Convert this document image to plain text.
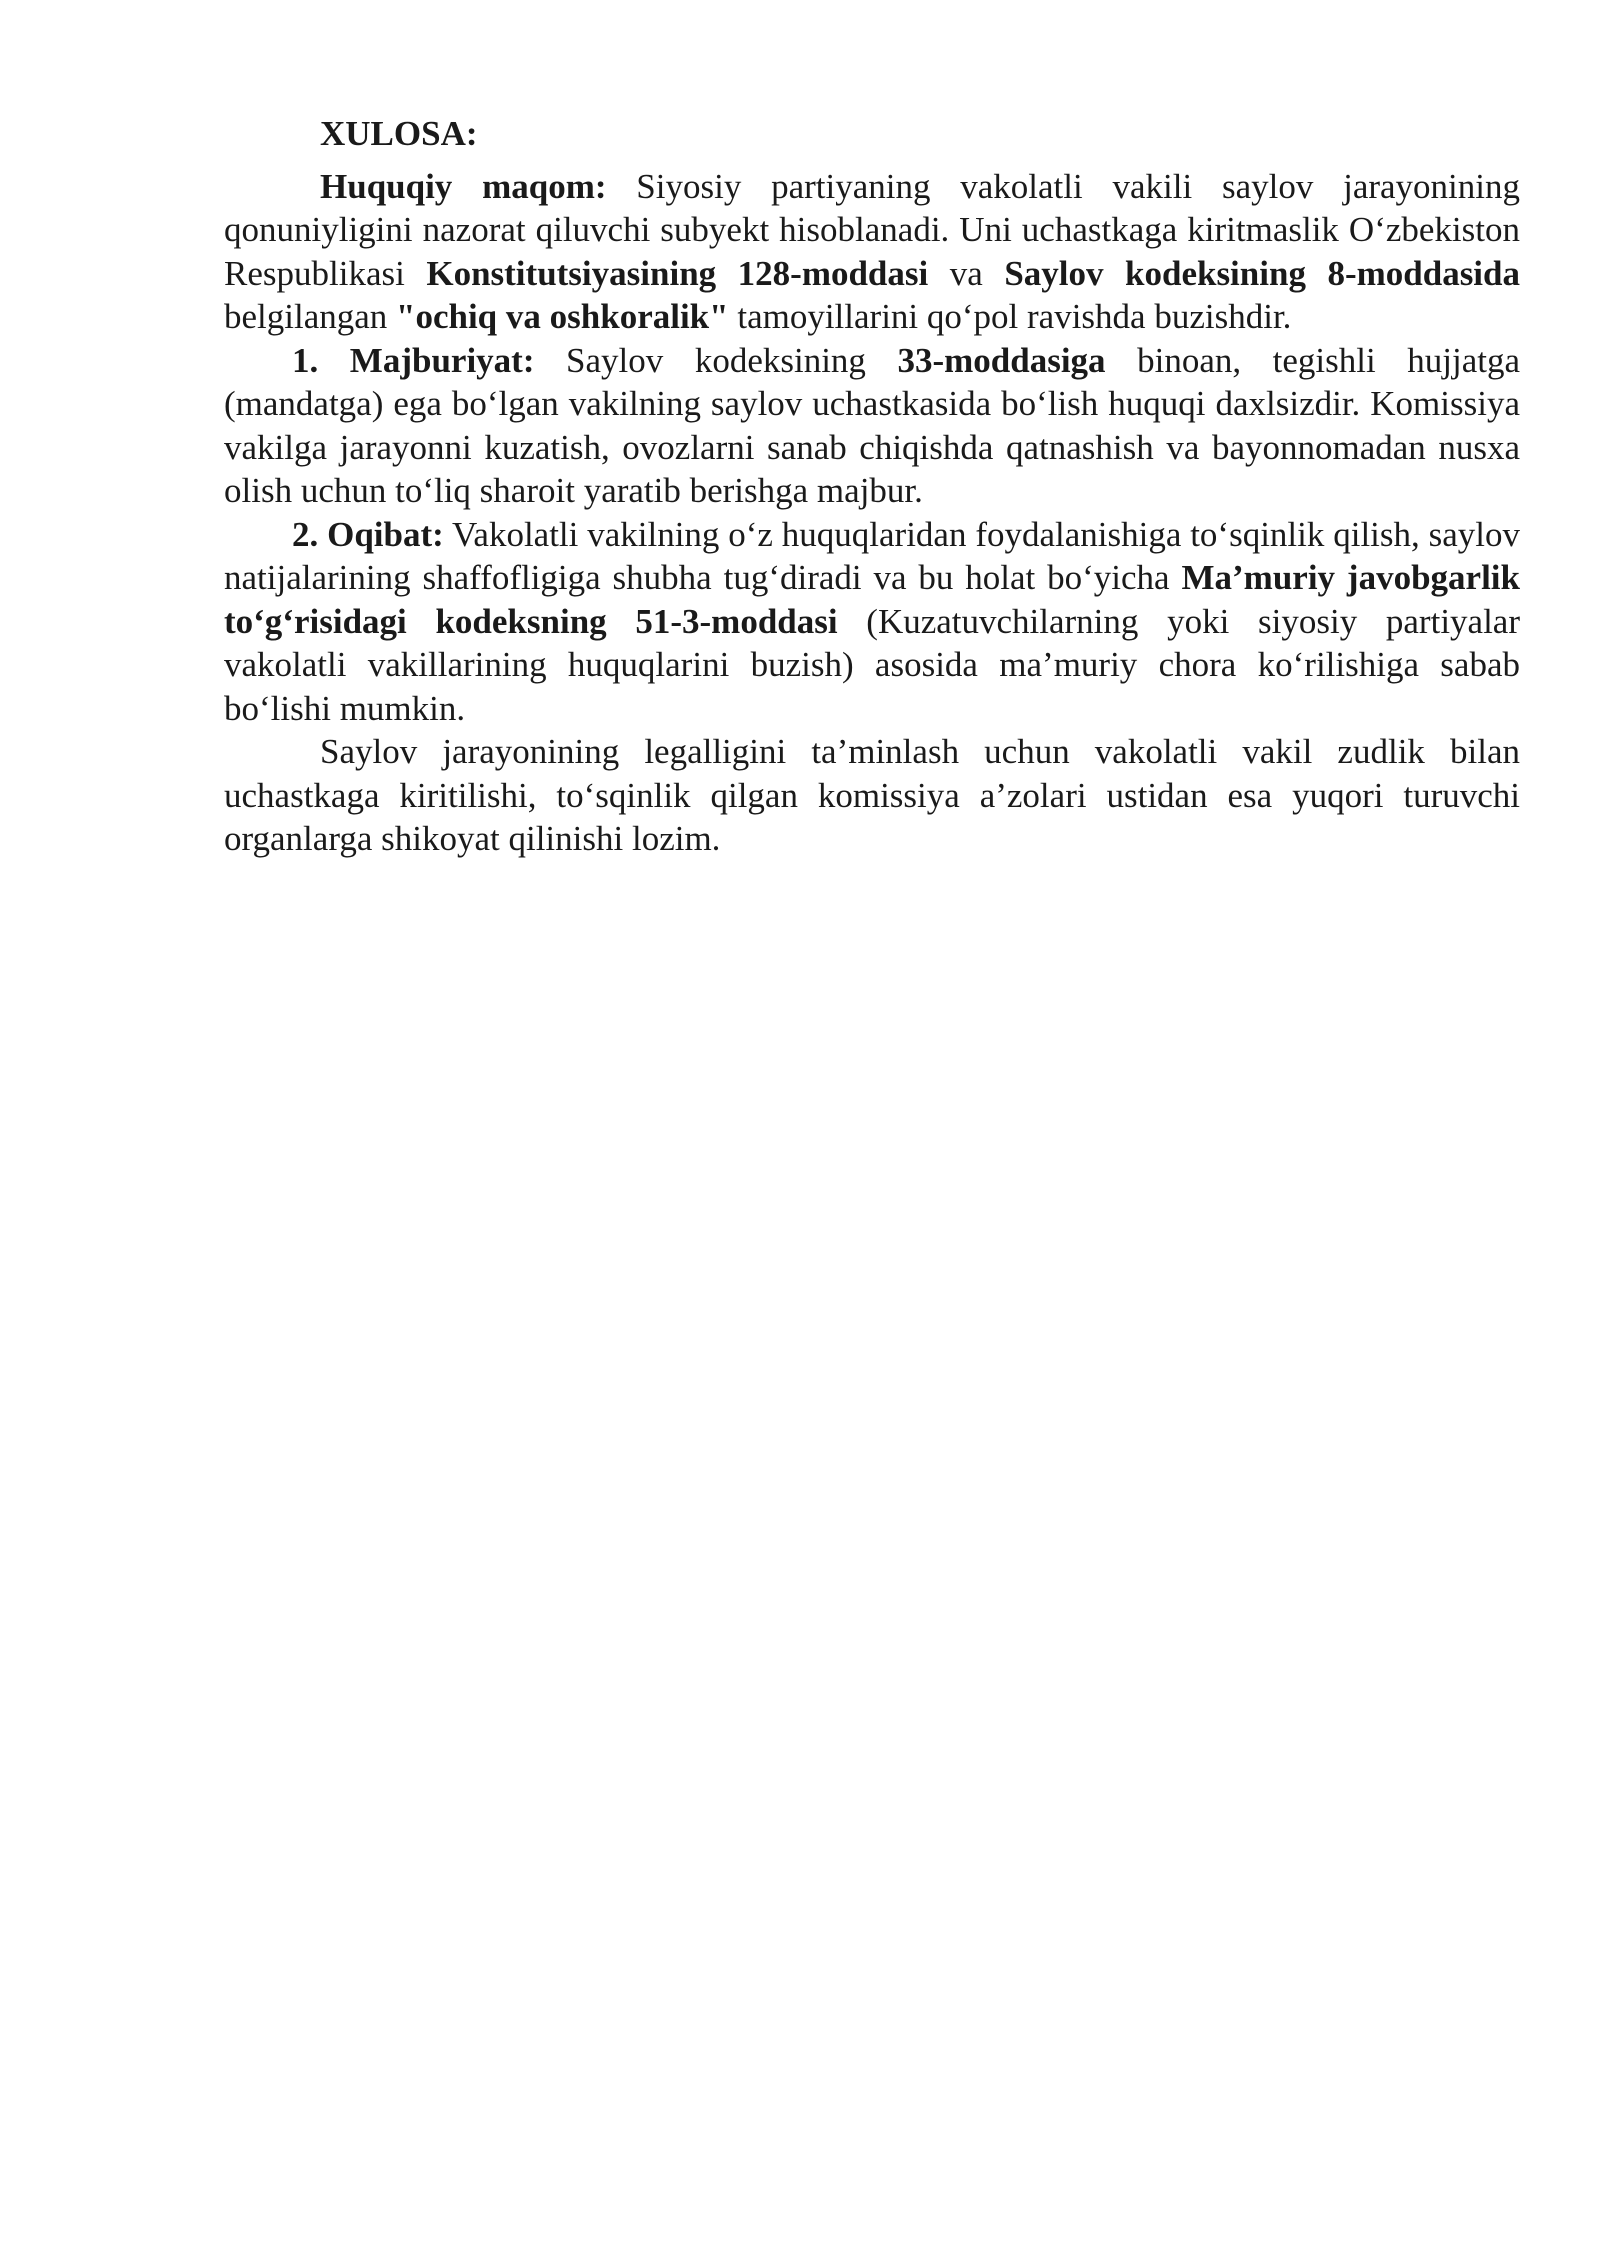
XULOSA:

Huquqiy maqom: Siyosiy partiyaning vakolatli vakili saylov jarayonining qonuniyligini nazorat qiluvchi subyekt hisoblanadi. Uni uchastkaga kiritmaslik O‘zbekiston Respublikasi Konstitutsiyasining 128-moddasi va Saylov kodeksining 8-moddasida belgilangan "ochiq va oshkoralik" tamoyillarini qo‘pol ravishda buzishdir.

1. Majburiyat: Saylov kodeksining 33-moddasiga binoan, tegishli hujjatga (mandatga) ega bo‘lgan vakilning saylov uchastkasida bo‘lish huquqi daxlsizdir. Komissiya vakilga jarayonni kuzatish, ovozlarni sanab chiqishda qatnashish va bayonnomadan nusxa olish uchun to‘liq sharoit yaratib berishga majbur.

2. Oqibat: Vakolatli vakilning o‘z huquqlaridan foydalanishiga to‘sqinlik qilish, saylov natijalarining shaffofligiga shubha tug‘diradi va bu holat bo‘yicha Ma’muriy javobgarlik to‘g‘risidagi kodeksning 51-3-moddasi (Kuzatuvchilarning yoki siyosiy partiyalar vakolatli vakillarining huquqlarini buzish) asosida ma’muriy chora ko‘rilishiga sabab bo‘lishi mumkin.

Saylov jarayonining legalligini ta’minlash uchun vakolatli vakil zudlik bilan uchastkaga kiritilishi, to‘sqinlik qilgan komissiya a’zolari ustidan esa yuqori turuvchi organlarga shikoyat qilinishi lozim.
